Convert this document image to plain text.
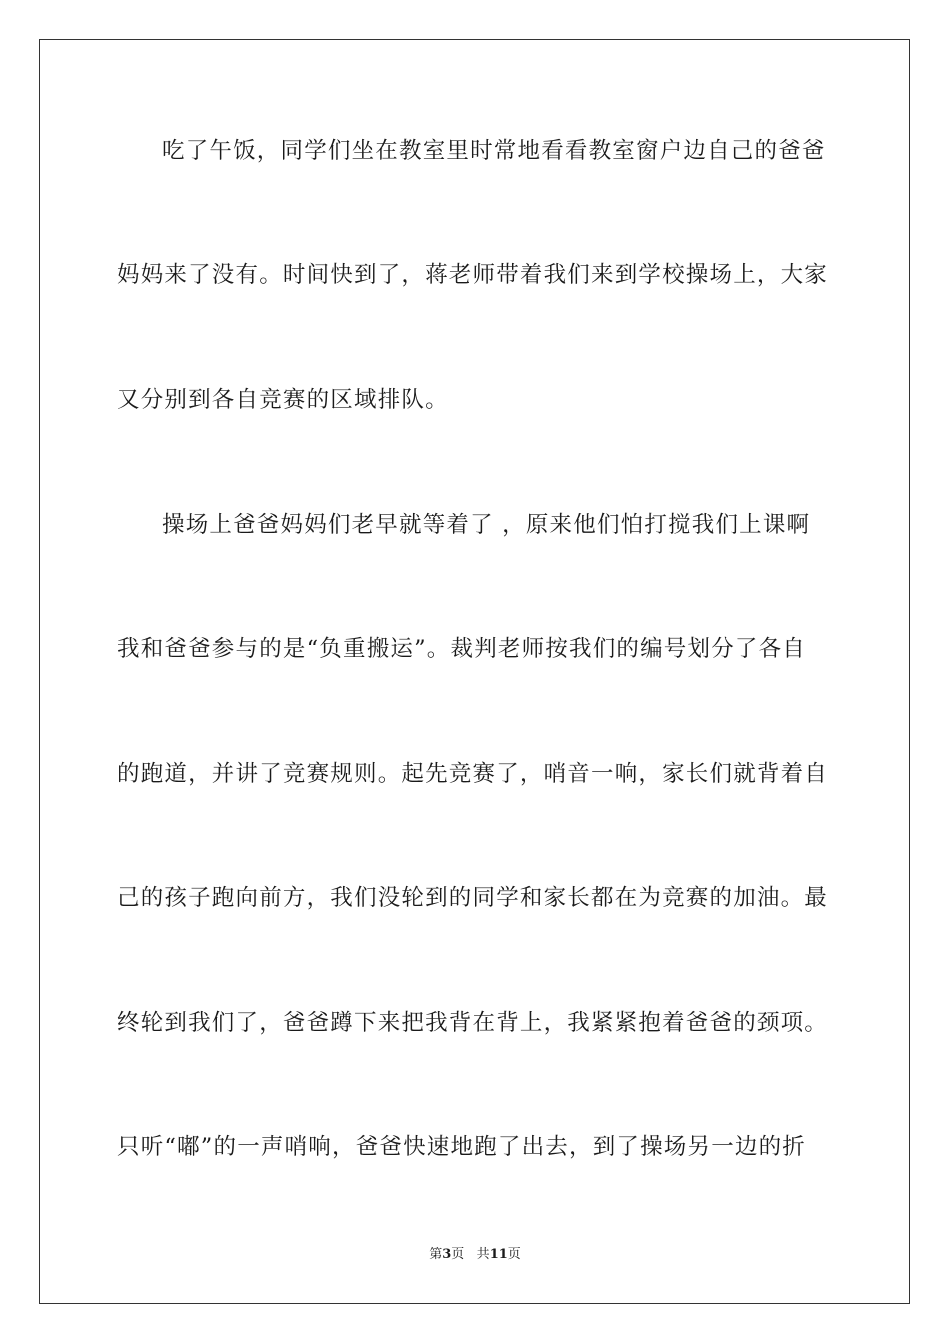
吃了午饭，同学们坐在教室里时常地看看教室窗户边自己的爸爸
妈妈来了没有。时间快到了，蒋老师带着我们来到学校操场上，大家
又分别到各自竞赛的区域排队。
操场上爸爸妈妈们老早就等着了 ，原来他们怕打搅我们上课啊
我和爸爸参与的是“负重搬运”。裁判老师按我们的编号划分了各自
的跑道，并讲了竞赛规则。起先竞赛了，哨音一响，家长们就背着自
己的孩子跑向前方，我们没轮到的同学和家长都在为竞赛的加油。最
终轮到我们了，爸爸蹲下来把我背在背上，我紧紧抱着爸爸的颈项。
只听“嘟”的一声哨响，爸爸快速地跑了出去，到了操场另一边的折
第3页 共11页
